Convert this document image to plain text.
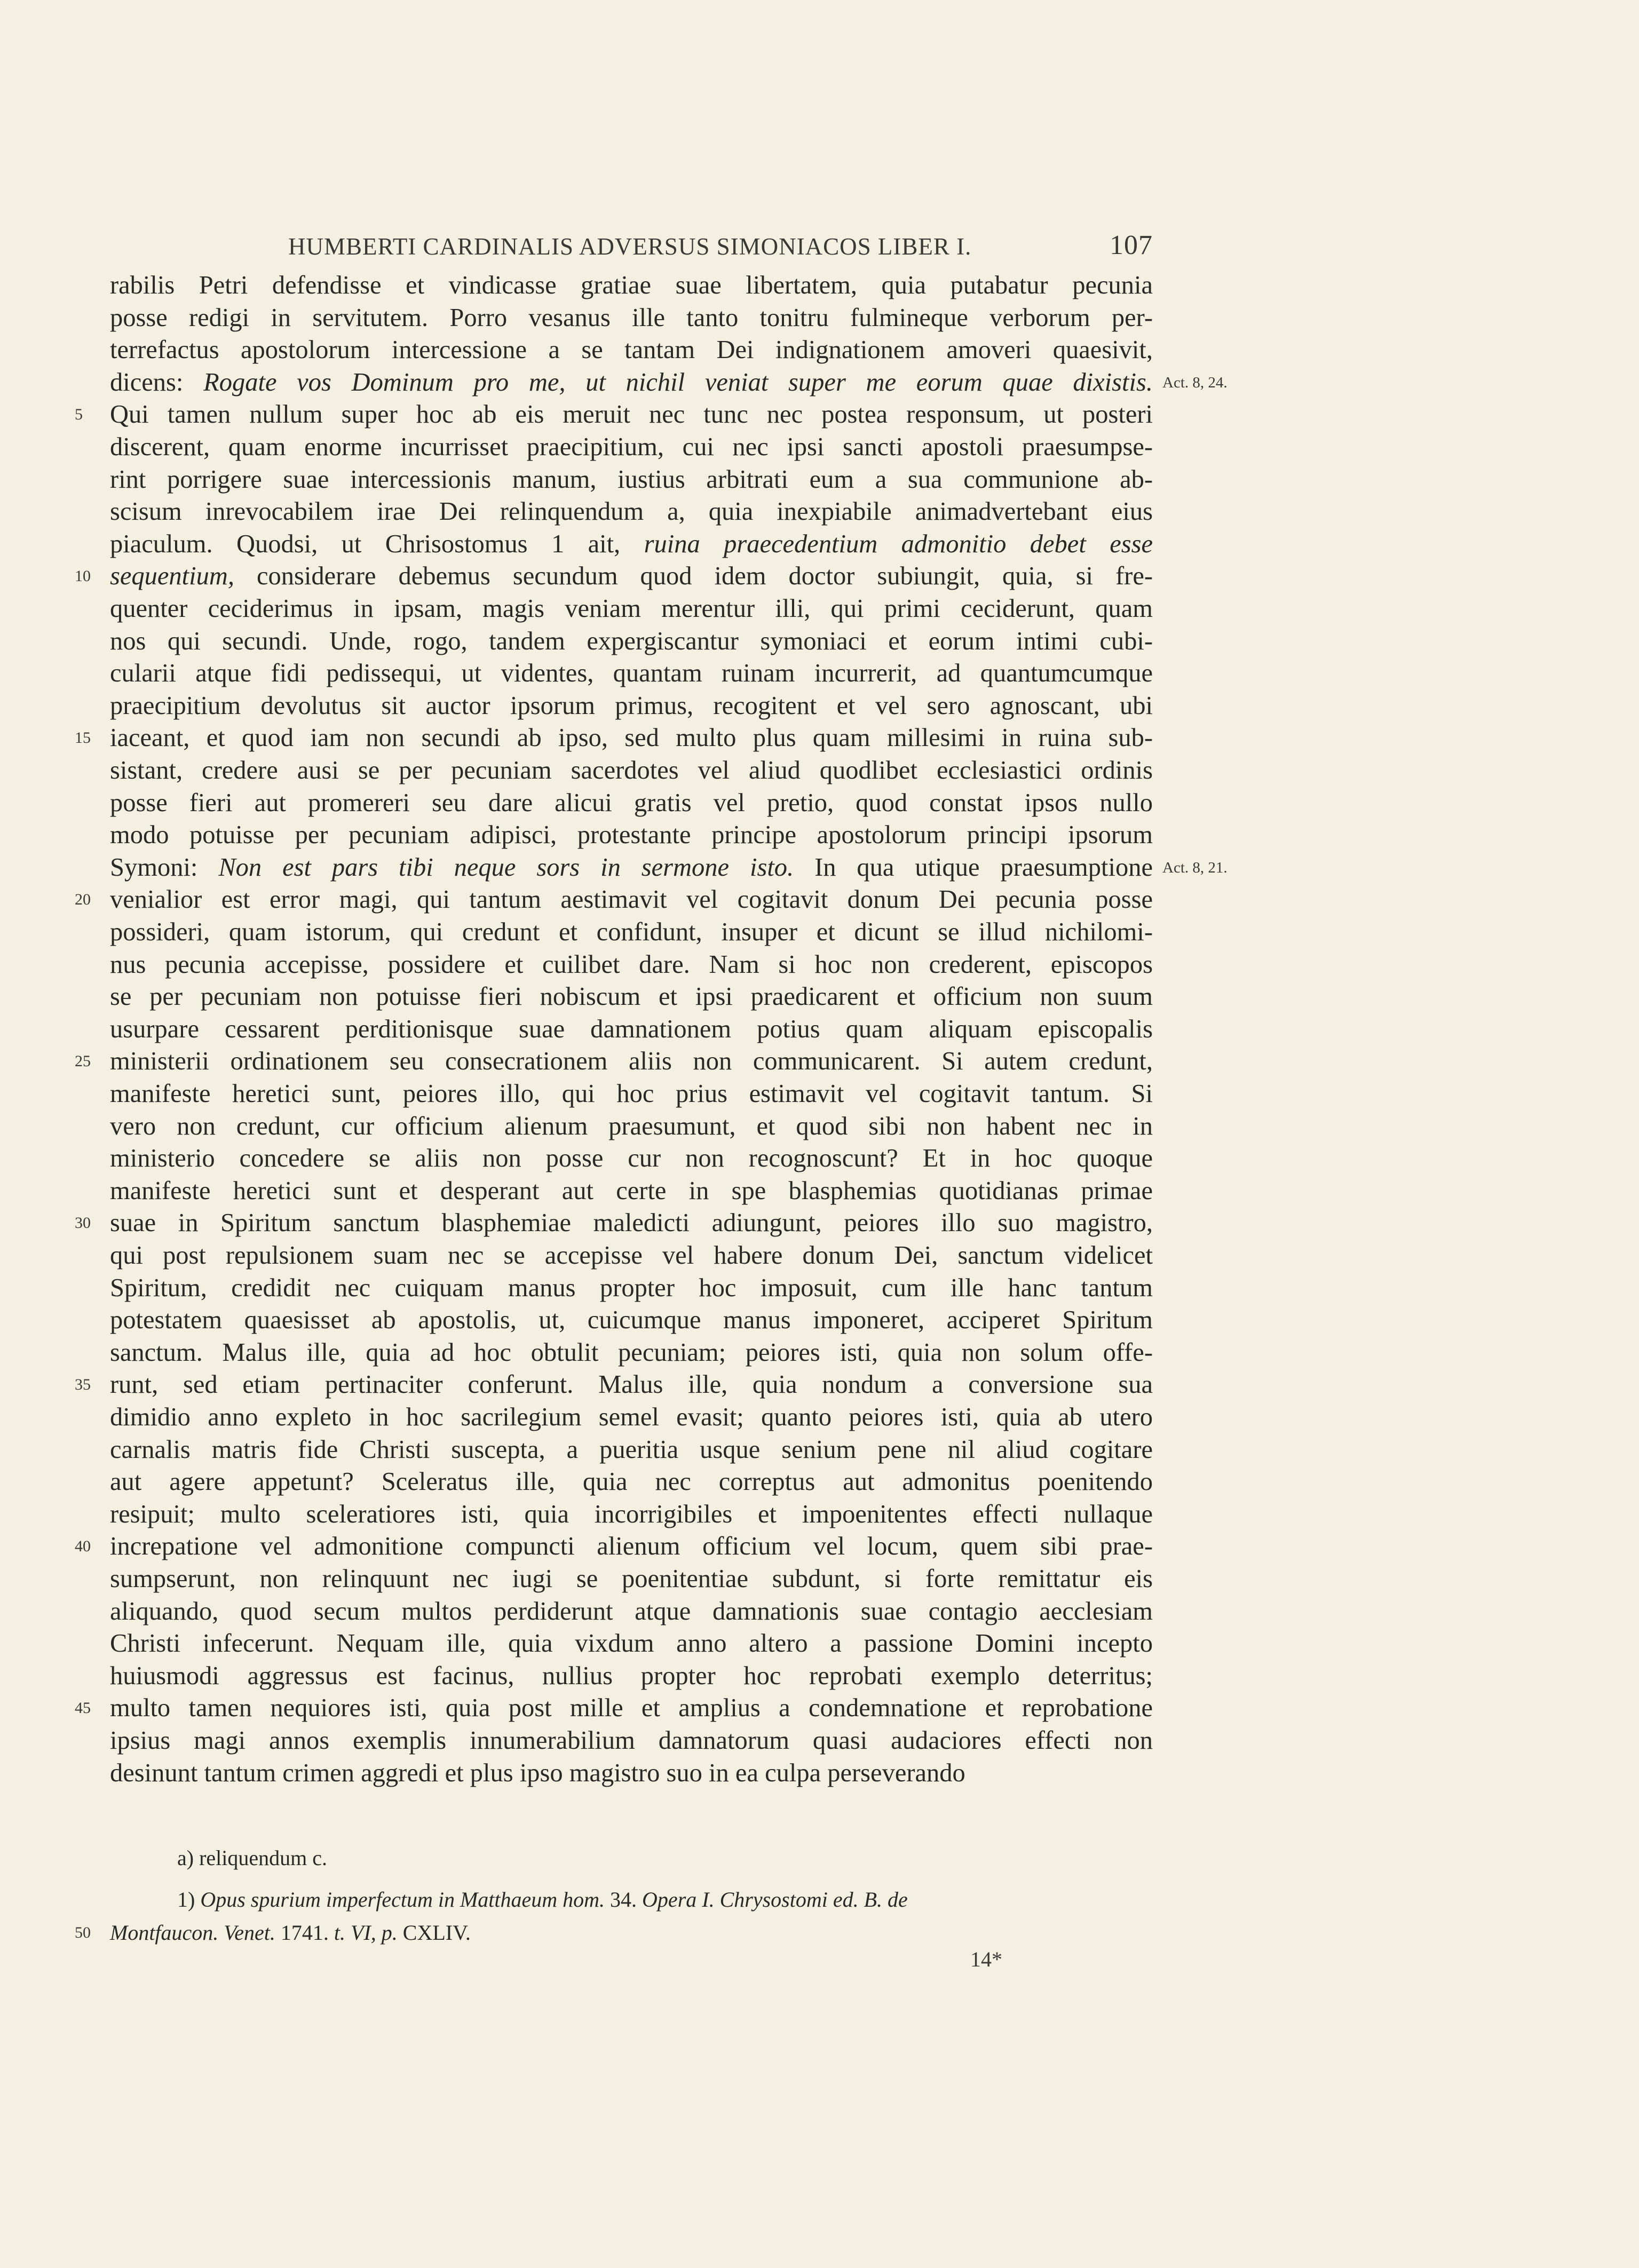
HUMBERTI CARDINALIS ADVERSUS SIMONIACOS LIBER I.	107
rabilis Petri defendisse et vindicasse gratiae suae libertatem, quia putabatur pecunia
posse redigi in servitutem. Porro vesanus ille tanto tonitru fulmineque verborum per-
terrefactus apostolorum intercessione a se tantam Dei indignationem amoveri quaesivit,
dicens: Rogate vos Dominum pro me, ut nichil veniat super me eorum quae dixistis. Act. 8, 24.
5	Qui tamen nullum super hoc ab eis meruit nec tunc nec postea responsum, ut posteri
discerent, quam enorme incurrisset praecipitium, cui nec ipsi sancti apostoli praesumpse-
rint porrigere suae intercessionis manum, iustius arbitrati eum a sua communione ab-
scisum inrevocabilem irae Dei relinquendum a, quia inexpiabile animadvertebant eius
piaculum. Quodsi, ut Chrisostomus 1 ait, ruina praecedentium admonitio debet esse
10 sequentium, considerare debemus secundum quod idem doctor subiungit, quia, si fre-
quenter ceciderimus in ipsam, magis veniam merentur illi, qui primi ceciderunt, quam
nos qui secundi. Unde, rogo, tandem expergiscantur symoniaci et eorum intimi cubi-
cularii atque fidi pedissequi, ut videntes, quantam ruinam incurrerit, ad quantumcumque
praecipitium devolutus sit auctor ipsorum primus, recogitent et vel sero agnoscant, ubi
15 iaceant, et quod iam non secundi ab ipso, sed multo plus quam millesimi in ruina sub-
sistant, credere ausi se per pecuniam sacerdotes vel aliud quodlibet ecclesiastici ordinis
posse fieri aut promereri seu dare alicui gratis vel pretio, quod constat ipsos nullo
modo potuisse per pecuniam adipisci, protestante principe apostolorum principi ipsorum
Symoni: Non est pars tibi neque sors in sermone isto. In qua utique praesumptione Act. 8, 21.
20 venialior est error magi, qui tantum aestimavit vel cogitavit donum Dei pecunia posse
possideri, quam istorum, qui credunt et confidunt, insuper et dicunt se illud nichilomi-
nus pecunia accepisse, possidere et cuilibet dare. Nam si hoc non crederent, episcopos
se per pecuniam non potuisse fieri nobiscum et ipsi praedicarent et officium non suum
usurpare cessarent perditionisque suae damnationem potius quam aliquam episcopalis
25 ministerii ordinationem seu consecrationem aliis non communicarent. Si autem credunt,
manifeste heretici sunt, peiores illo, qui hoc prius estimavit vel cogitavit tantum. Si
vero non credunt, cur officium alienum praesumunt, et quod sibi non habent nec in
ministerio concedere se aliis non posse cur non recognoscunt? Et in hoc quoque
manifeste heretici sunt et desperant aut certe in spe blasphemias quotidianas primae
30 suae in Spiritum sanctum blasphemiae maledicti adiungunt, peiores illo suo magistro,
qui post repulsionem suam nec se accepisse vel habere donum Dei, sanctum videlicet
Spiritum, credidit nec cuiquam manus propter hoc imposuit, cum ille hanc tantum
potestatem quaesisset ab apostolis, ut, cuicumque manus imponeret, acciperet Spiritum
sanctum. Malus ille, quia ad hoc obtulit pecuniam; peiores isti, quia non solum offe-
35 runt, sed etiam pertinaciter conferunt. Malus ille, quia nondum a conversione sua
dimidio anno expleto in hoc sacrilegium semel evasit; quanto peiores isti, quia ab utero
carnalis matris fide Christi suscepta, a pueritia usque senium pene nil aliud cogitare
aut agere appetunt? Sceleratus ille, quia nec correptus aut admonitus poenitendo
resipuit; multo sceleratiores isti, quia incorrigibiles et impoenitentes effecti nullaque
40 increpatione vel admonitione compuncti alienum officium vel locum, quem sibi prae-
sumpserunt, non relinquunt nec iugi se poenitentiae subdunt, si forte remittatur eis
aliquando, quod secum multos perdiderunt atque damnationis suae contagio aecclesiam
Christi infecerunt. Nequam ille, quia vixdum anno altero a passione Domini incepto
huiusmodi aggressus est facinus, nullius propter hoc reprobati exemplo deterritus;
45 multo tamen nequiores isti, quia post mille et amplius a condemnatione et reprobatione
ipsius magi annos exemplis innumerabilium damnatorum quasi audaciores effecti non
desinunt tantum crimen aggredi et plus ipso magistro suo in ea culpa perseverando
a) reliquendum c.
1) Opus spurium imperfectum in Matthaeum hom. 34. Opera I. Chrysostomi ed. B. de
50 Montfaucon. Venet. 1741. t. VI, p. CXLIV.
14*
